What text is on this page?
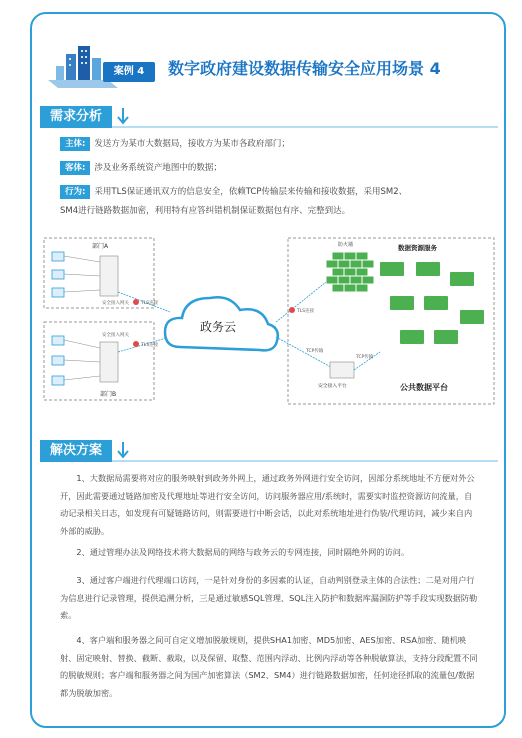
案例 4	数字政府建设数据传输安全应用场景 4
需求分析
主体: 发送方为某市大数据局，接收方为某市各政府部门；
客体: 涉及业务系统资产地图中的数据；
行为: 采用TLS保证通讯双方的信息安全，依赖TCP传输层来传输和接收数据，采用SM2、
SM4进行链路数据加密，利用特有应答纠错机制保证数据包有序、完整到达。
部门A
安全接入网关
部门B
安全接入网关
TLS连接
TLS连接
政务云
防火墙
TLS连接
TCP传输
安全接入平台
TCP传输
数据资源服务
公共数据平台
解决方案
1、大数据局需要将对应的服务映射到政务外网上，通过政务外网进行安全访问，因部分系统地址不方便对外公开，因此需要通过链路加密及代理地址等进行安全访问，访问服务器应用/系统时，需要实时监控资源访问流量，自动记录相关日志，如发现有可疑链路访问，则需要进行中断会话，以此对系统地址进行伪装/代理访问，减少来自内外部的威胁。
2、通过管理办法及网络技术将大数据局的网络与政务云的专网连接，同时隔绝外网的访问。
3、通过客户端进行代理端口访问，一是针对身份的多因素的认证，自动判别登录主体的合法性；二是对用户行为信息进行记录管理，提供追溯分析，三是通过敏感SQL管理、SQL注入防护和数据库漏洞防护等手段实现数据防勒索。
4、客户端和服务器之间可自定义增加脱敏规则，提供SHA1加密、MD5加密、AES加密、RSA加密、随机映射、固定映射、替换、截断、截取，以及保留、取整、范围内浮动、比例内浮动等各种脱敏算法，支持分段配置不同的脱敏规则；客户端和服务器之间为国产加密算法（SM2、SM4）进行链路数据加密，任何途径抓取的流量包/数据都为脱敏加密。
